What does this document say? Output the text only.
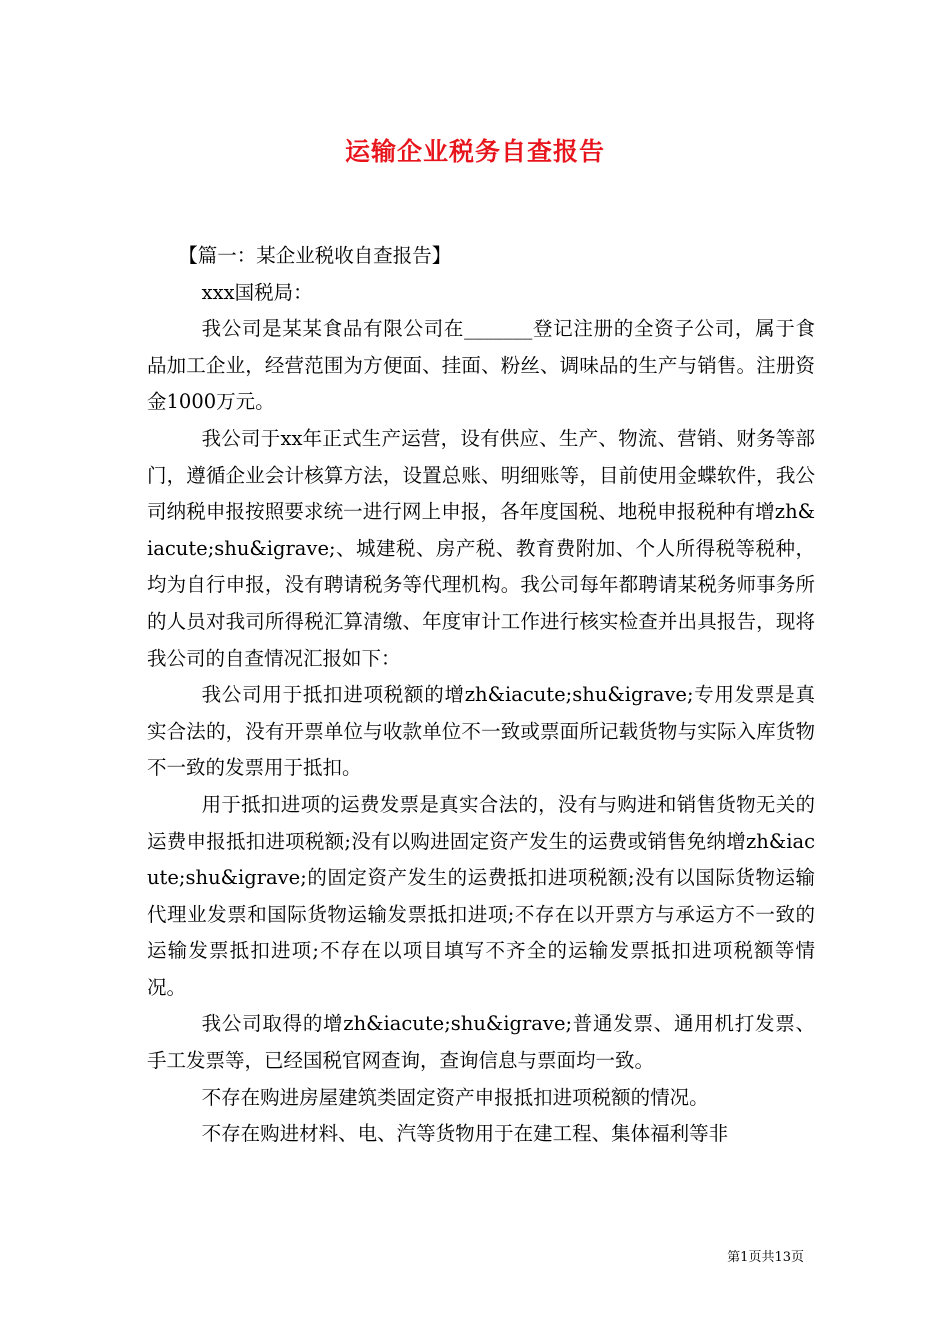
运输企业税务自查报告

【篇一：某企业税收自查报告】

xxx国税局：

我公司是某某食品有限公司在_______登记注册的全资子公司，属于食品加工企业，经营范围为方便面、挂面、粉丝、调味品的生产与销售。注册资金1000万元。

我公司于xx年正式生产运营，设有供应、生产、物流、营销、财务等部门，遵循企业会计核算方法，设置总账、明细账等，目前使用金蝶软件，我公司纳税申报按照要求统一进行网上申报，各年度国税、地税申报税种有增zh&iacute;shu&igrave;、城建税、房产税、教育费附加、个人所得税等税种，均为自行申报，没有聘请税务等代理机构。我公司每年都聘请某税务师事务所的人员对我司所得税汇算清缴、年度审计工作进行核实检查并出具报告，现将我公司的自查情况汇报如下：

我公司用于抵扣进项税额的增zh&iacute;shu&igrave;专用发票是真实合法的，没有开票单位与收款单位不一致或票面所记载货物与实际入库货物不一致的发票用于抵扣。

用于抵扣进项的运费发票是真实合法的，没有与购进和销售货物无关的运费申报抵扣进项税额;没有以购进固定资产发生的运费或销售免纳增zh&iacute;shu&igrave;的固定资产发生的运费抵扣进项税额;没有以国际货物运输代理业发票和国际货物运输发票抵扣进项;不存在以开票方与承运方不一致的运输发票抵扣进项;不存在以项目填写不齐全的运输发票抵扣进项税额等情况。

我公司取得的增zh&iacute;shu&igrave;普通发票、通用机打发票、手工发票等，已经国税官网查询，查询信息与票面均一致。

不存在购进房屋建筑类固定资产申报抵扣进项税额的情况。

不存在购进材料、电、汽等货物用于在建工程、集体福利等非

第1页共13页
